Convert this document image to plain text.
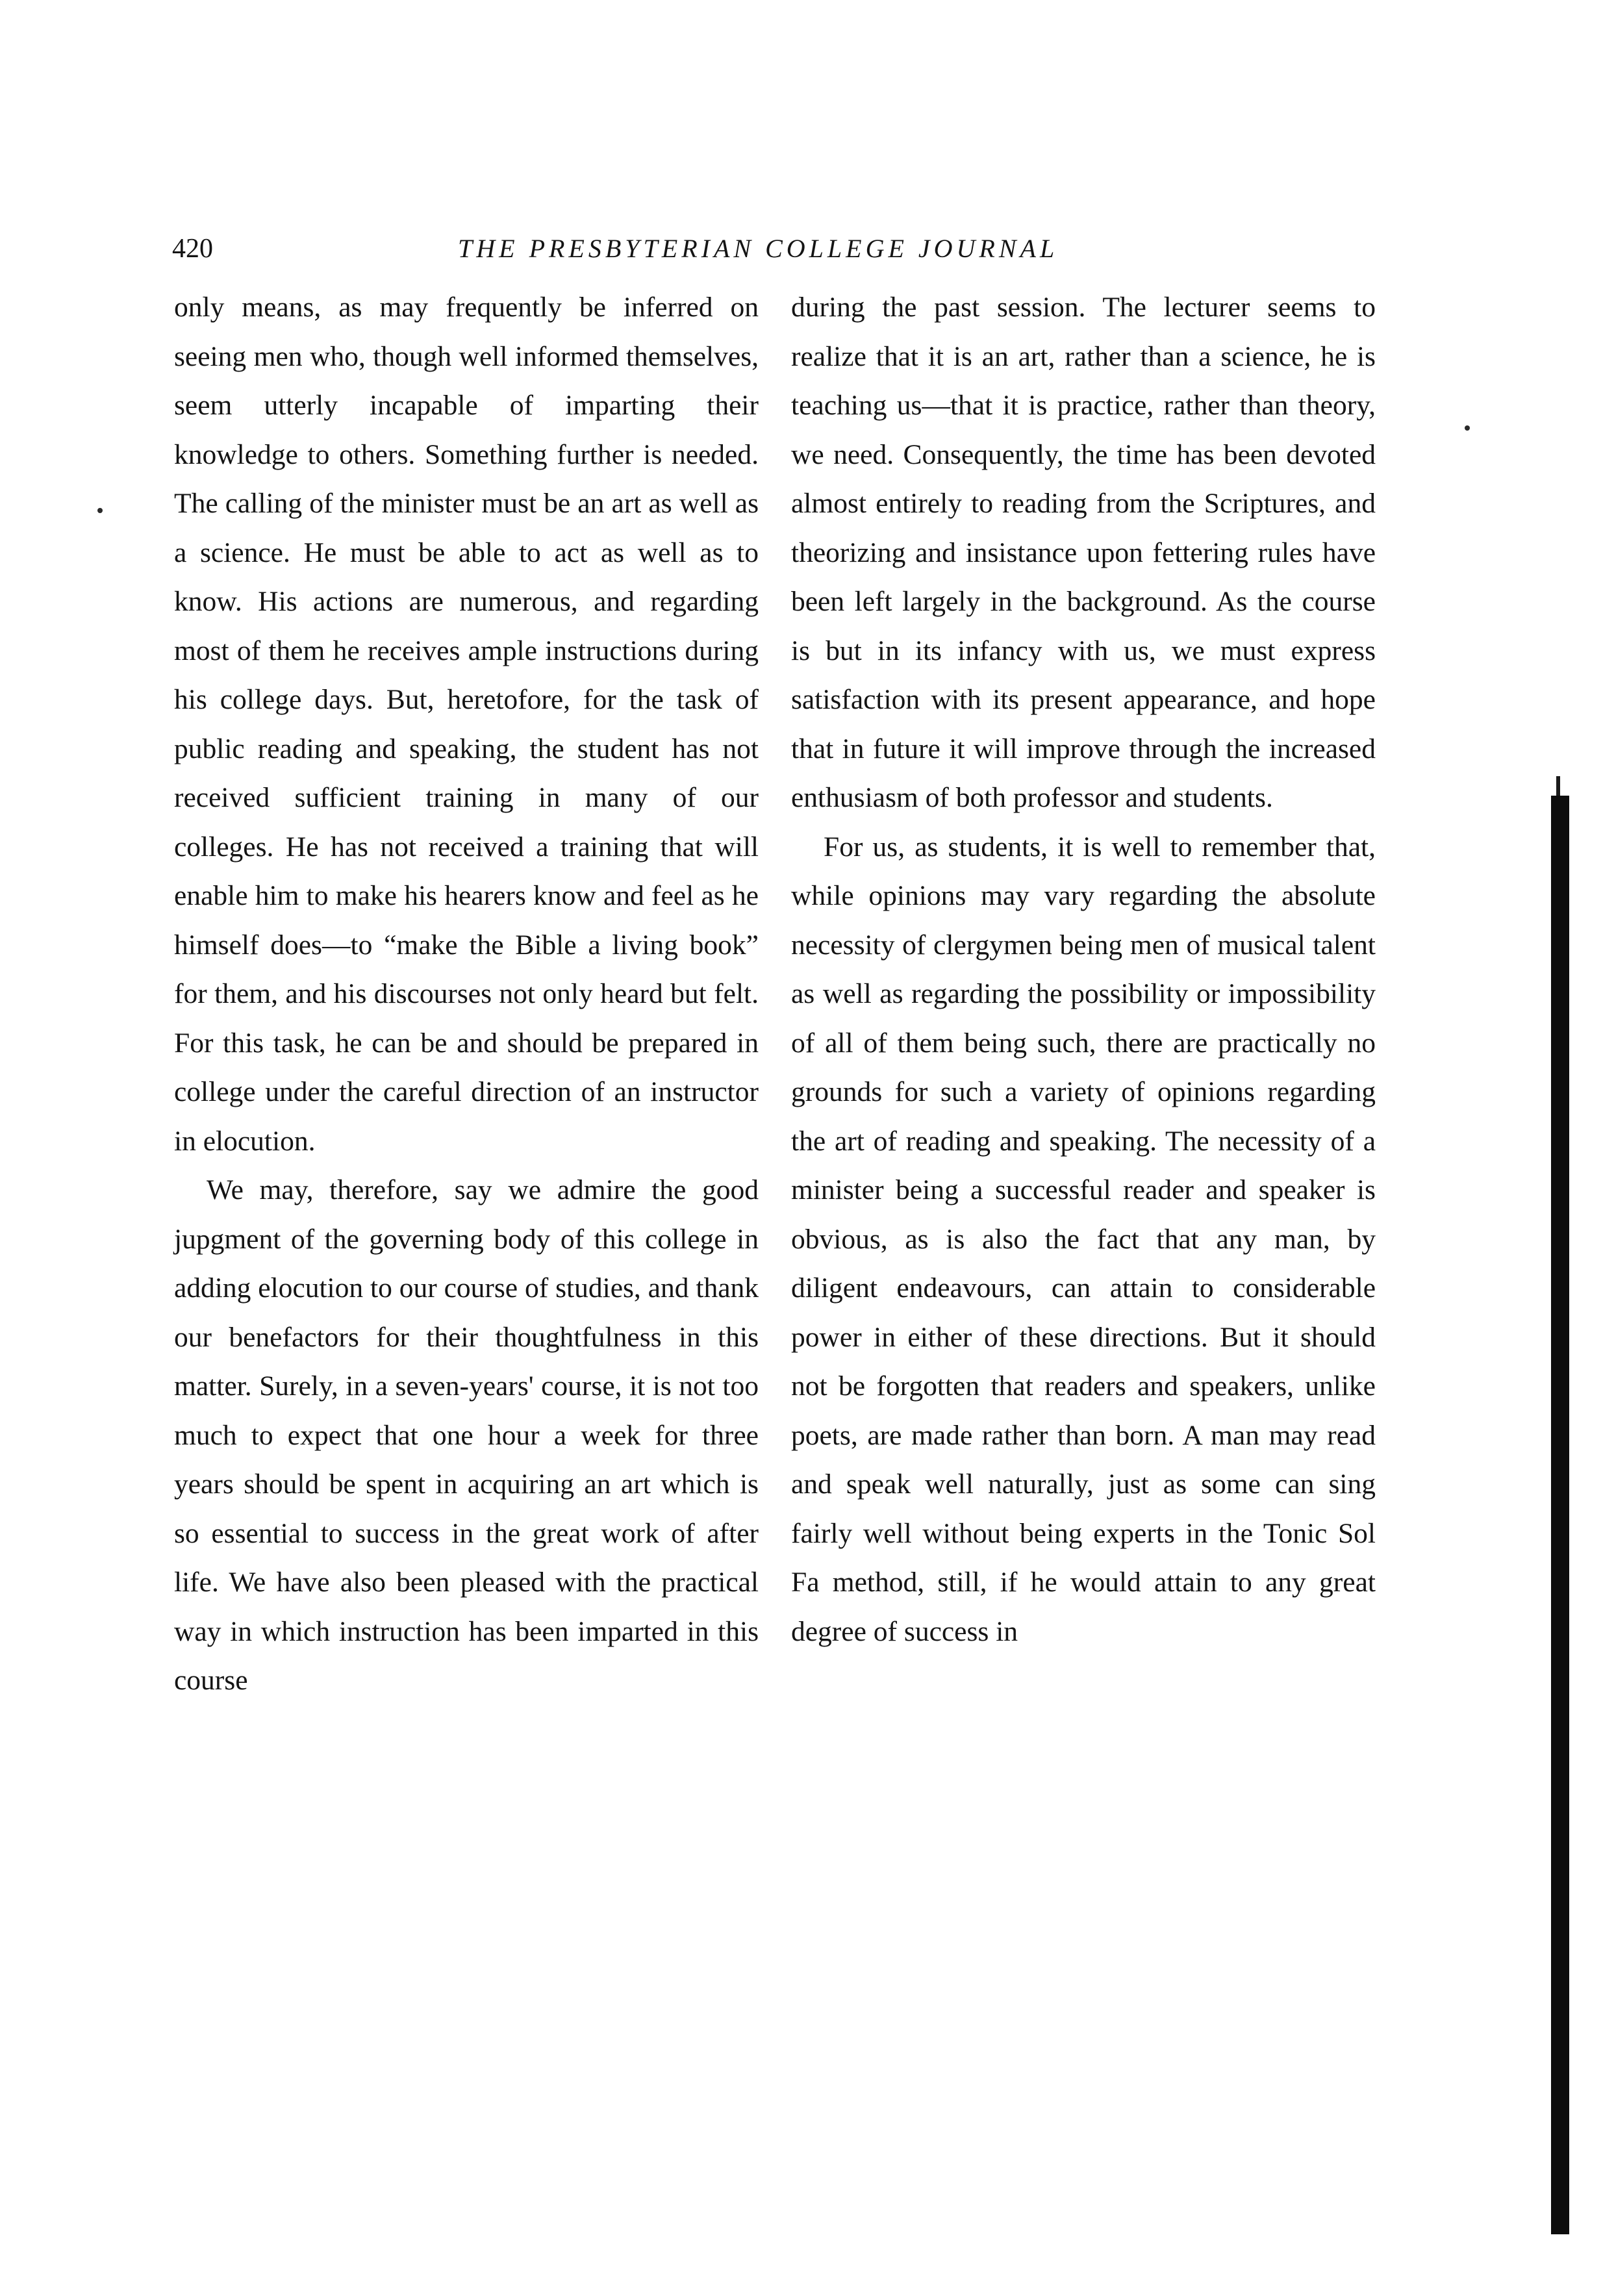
420	THE PRESBYTERIAN COLLEGE JOURNAL

only means, as may frequently be inferred on seeing men who, though well informed themselves, seem utterly incapable of imparting their knowledge to others. Something further is needed. The calling of the minister must be an art as well as a science. He must be able to act as well as to know. His actions are numerous, and regarding most of them he receives ample instructions during his college days. But, heretofore, for the task of public reading and speaking, the student has not received sufficient training in many of our colleges. He has not received a training that will enable him to make his hearers know and feel as he himself does—to “make the Bible a living book” for them, and his discourses not only heard but felt. For this task, he can be and should be prepared in college under the careful direction of an instructor in elocution.

We may, therefore, say we admire the good jupgment of the governing body of this college in adding elocution to our course of studies, and thank our benefactors for their thoughtfulness in this matter. Surely, in a seven-years' course, it is not too much to expect that one hour a week for three years should be spent in acquiring an art which is so essential to success in the great work of after life. We have also been pleased with the practical way in which instruction has been imparted in this course

during the past session. The lecturer seems to realize that it is an art, rather than a science, he is teaching us—that it is practice, rather than theory, we need. Consequently, the time has been devoted almost entirely to reading from the Scriptures, and theorizing and insistance upon fettering rules have been left largely in the background. As the course is but in its infancy with us, we must express satisfaction with its present appearance, and hope that in future it will improve through the increased enthusiasm of both professor and students.

For us, as students, it is well to remember that, while opinions may vary regarding the absolute necessity of clergymen being men of musical talent as well as regarding the possibility or impossibility of all of them being such, there are practically no grounds for such a variety of opinions regarding the art of reading and speaking. The necessity of a minister being a successful reader and speaker is obvious, as is also the fact that any man, by diligent endeavours, can attain to considerable power in either of these directions. But it should not be forgotten that readers and speakers, unlike poets, are made rather than born. A man may read and speak well naturally, just as some can sing fairly well without being experts in the Tonic Sol Fa method, still, if he would attain to any great degree of success in
